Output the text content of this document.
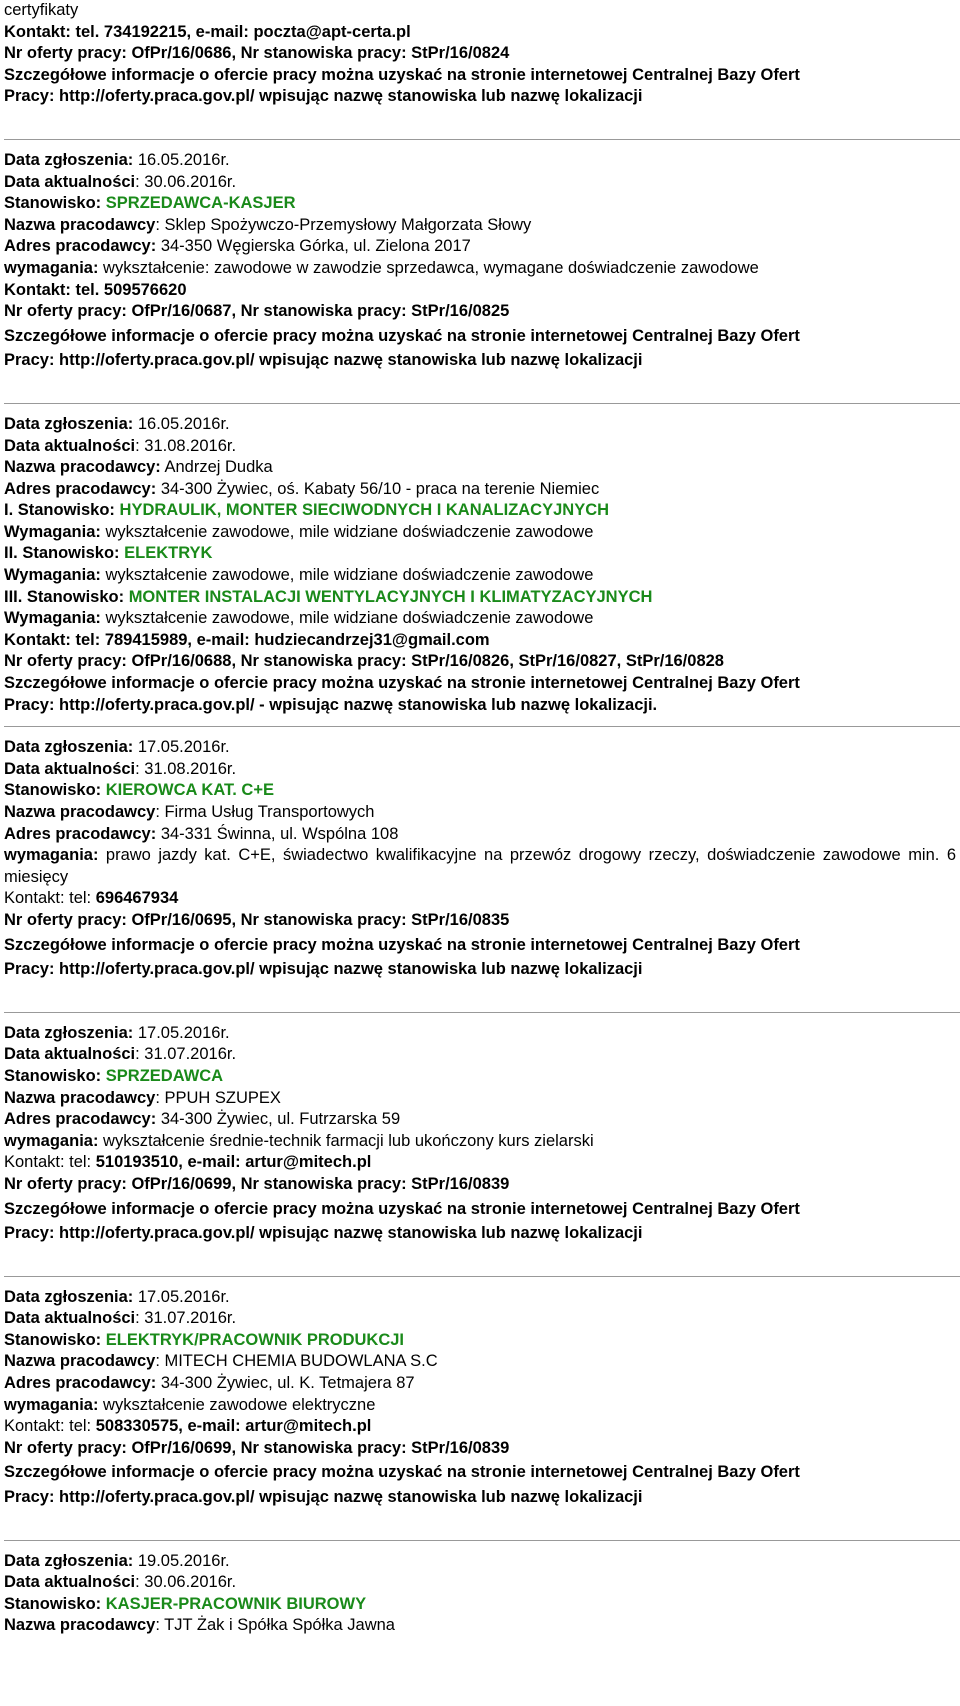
certyfikaty
Kontakt: tel. 734192215, e-mail: poczta@apt-certa.pl
Nr oferty pracy: OfPr/16/0686, Nr stanowiska pracy: StPr/16/0824
Szczegółowe informacje o ofercie pracy można uzyskać na stronie internetowej Centralnej Bazy Ofert
Pracy: http://oferty.praca.gov.pl/ wpisując nazwę stanowiska lub nazwę lokalizacji
Data zgłoszenia: 16.05.2016r.
Data aktualności: 30.06.2016r.
Stanowisko: SPRZEDAWCA-KASJER
Nazwa pracodawcy: Sklep Spożywczo-Przemysłowy Małgorzata Słowy
Adres pracodawcy: 34-350 Węgierska Górka, ul. Zielona 2017
wymagania: wykształcenie: zawodowe w zawodzie sprzedawca, wymagane doświadczenie zawodowe
Kontakt: tel. 509576620
Nr oferty pracy: OfPr/16/0687, Nr stanowiska pracy: StPr/16/0825
Szczegółowe informacje o ofercie pracy można uzyskać na stronie internetowej Centralnej Bazy Ofert
Pracy: http://oferty.praca.gov.pl/ wpisując nazwę stanowiska lub nazwę lokalizacji
Data zgłoszenia: 16.05.2016r.
Data aktualności: 31.08.2016r.
Nazwa pracodawcy: Andrzej Dudka
Adres pracodawcy: 34-300 Żywiec, oś. Kabaty 56/10 - praca na terenie Niemiec
I. Stanowisko: HYDRAULIK, MONTER SIECIWODNYCH I KANALIZACYJNYCH
Wymagania: wykształcenie zawodowe, mile widziane doświadczenie zawodowe
II. Stanowisko: ELEKTRYK
Wymagania: wykształcenie zawodowe, mile widziane doświadczenie zawodowe
III. Stanowisko: MONTER INSTALACJI WENTYLACYJNYCH I KLIMATYZACYJNYCH
Wymagania: wykształcenie zawodowe, mile widziane doświadczenie zawodowe
Kontakt: tel: 789415989, e-mail: hudziecandrzej31@gmail.com
Nr oferty pracy: OfPr/16/0688, Nr stanowiska pracy: StPr/16/0826, StPr/16/0827, StPr/16/0828
Szczegółowe informacje o ofercie pracy można uzyskać na stronie internetowej Centralnej Bazy Ofert
Pracy: http://oferty.praca.gov.pl/ - wpisując nazwę stanowiska lub nazwę lokalizacji.
Data zgłoszenia: 17.05.2016r.
Data aktualności: 31.08.2016r.
Stanowisko: KIEROWCA KAT. C+E
Nazwa pracodawcy: Firma Usług Transportowych
Adres pracodawcy: 34-331 Świnna, ul. Wspólna 108
wymagania: prawo jazdy kat. C+E, świadectwo kwalifikacyjne na przewóz drogowy rzeczy, doświadczenie zawodowe min. 6 miesięcy
Kontakt: tel: 696467934
Nr oferty pracy: OfPr/16/0695, Nr stanowiska pracy: StPr/16/0835
Szczegółowe informacje o ofercie pracy można uzyskać na stronie internetowej Centralnej Bazy Ofert
Pracy: http://oferty.praca.gov.pl/ wpisując nazwę stanowiska lub nazwę lokalizacji
Data zgłoszenia: 17.05.2016r.
Data aktualności: 31.07.2016r.
Stanowisko: SPRZEDAWCA
Nazwa pracodawcy: PPUH SZUPEX
Adres pracodawcy: 34-300 Żywiec, ul. Futrzarska 59
wymagania: wykształcenie średnie-technik farmacji lub ukończony kurs zielarski
Kontakt: tel: 510193510, e-mail: artur@mitech.pl
Nr oferty pracy: OfPr/16/0699, Nr stanowiska pracy: StPr/16/0839
Szczegółowe informacje o ofercie pracy można uzyskać na stronie internetowej Centralnej Bazy Ofert
Pracy: http://oferty.praca.gov.pl/ wpisując nazwę stanowiska lub nazwę lokalizacji
Data zgłoszenia: 17.05.2016r.
Data aktualności: 31.07.2016r.
Stanowisko: ELEKTRYK/PRACOWNIK PRODUKCJI
Nazwa pracodawcy: MITECH CHEMIA BUDOWLANA S.C
Adres pracodawcy: 34-300 Żywiec, ul. K. Tetmajera 87
wymagania: wykształcenie zawodowe elektryczne
Kontakt: tel: 508330575, e-mail: artur@mitech.pl
Nr oferty pracy: OfPr/16/0699, Nr stanowiska pracy: StPr/16/0839
Szczegółowe informacje o ofercie pracy można uzyskać na stronie internetowej Centralnej Bazy Ofert
Pracy: http://oferty.praca.gov.pl/ wpisując nazwę stanowiska lub nazwę lokalizacji
Data zgłoszenia: 19.05.2016r.
Data aktualności: 30.06.2016r.
Stanowisko: KASJER-PRACOWNIK BIUROWY
Nazwa pracodawcy: TJT Żak i Spółka Spółka Jawna
